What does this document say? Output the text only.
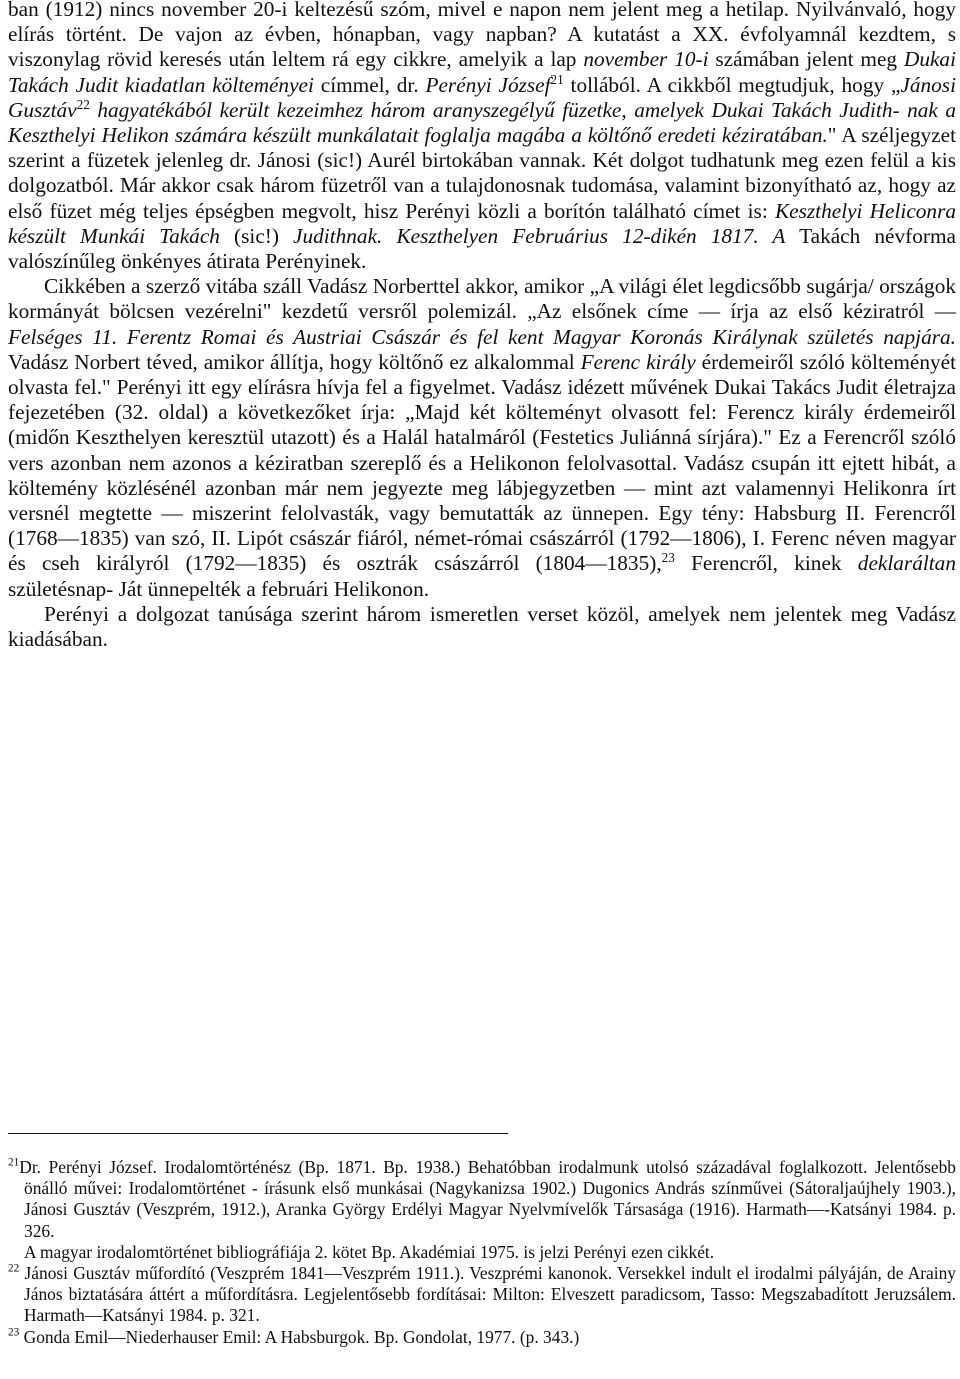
ban (1912) nincs november 20-i keltezésű szóm, mivel e napon nem jelent meg a hetilap. Nyilvánvaló, hogy elírás történt. De vajon az évben, hónapban, vagy napban? A kutatást a XX. évfolyamnál kezdtem, s viszonylag rövid keresés után leltem rá egy cikkre, amelyik a lap november 10-i számában jelent meg Dukai Takách Judit kiadatlan költeményei címmel, dr. Perényi József$^{21}$ tollából. A cikkből megtudjuk, hogy „Jánosi Gusztáv$^{22}$ hagyatékából került kezeimhez három aranyszegélyű füzetke, amelyek Dukai Takách Judith- nak a Keszthelyi Helikon számára készült munkálatait foglalja magába a költőnő eredeti kéziratában." A széljegyzet szerint a füzetek jelenleg dr. Jánosi (sic!) Aurél birtokában vannak. Két dolgot tudhatunk meg ezen felül a kis dolgozatból. Már akkor csak három füzetről van a tulajdonosnak tudomása, valamint bizonyítható az, hogy az első füzet még teljes épségben megvolt, hisz Perényi közli a borítón található címet is: Keszthelyi Heliconra készült Munkái Takách (sic!) Judithnak. Keszthelyen Februárius 12-dikén 1817. A Takách névforma valószínűleg önkényes átirata Perényinek.

Cikkében a szerző vitába száll Vadász Norberttel akkor, amikor „A világi élet legdicsőbb sugárja/ országok kormányát bölcsen vezérelni" kezdetű versről polemizál. „Az elsőnek címe — írja az első kéziratról — Felséges 11. Ferentz Romai és Austriai Császár és fel kent Magyar Koronás Királynak születés napjára. Vadász Norbert téved, amikor állítja, hogy költőnő ez alkalommal Ferenc király érdemeiről szóló költeményét olvasta fel." Perényi itt egy elírásra hívja fel a figyelmet. Vadász idézett művének Dukai Takács Judit életrajza fejezetében (32. oldal) a következőket írja: „Majd két költeményt olvasott fel: Ferencz király érdemeiről (midőn Keszthelyen keresztül utazott) és a Halál hatalmáról (Festetics Juliánná sírjára)." Ez a Ferencről szóló vers azonban nem azonos a kéziratban szereplő és a Helikonon felolvasottal. Vadász csupán itt ejtett hibát, a költemény közlésénél azonban már nem jegyezte meg lábjegyzetben — mint azt valamennyi Helikonra írt versnél megtette — miszerint felolvasták, vagy bemutatták az ünnepen. Egy tény: Habsburg II. Ferencről (1768—1835) van szó, II. Lipót császár fiáról, német-római császárról (1792—1806), I. Ferenc néven magyar és cseh királyról (1792—1835) és osztrák császárról (1804—1835),$^{23}$ Ferencről, kinek deklaráltan születésnap- Ját ünnepelték a februári Helikonon.

Perényi a dolgozat tanúsága szerint három ismeretlen verset közöl, amelyek nem jelentek meg Vadász kiadásában.

$^{21}$Dr. Perényi József. Irodalomtörténész (Bp. 1871. Bp. 1938.) Behatóbban irodalmunk utolsó századával foglalkozott. Jelentősebb önálló művei: Irodalomtörténet - írásunk első munkásai (Nagykanizsa 1902.) Dugonics András színművei (Sátoraljaújhely 1903.), Jánosi Gusztáv (Veszprém, 1912.), Aranka György Erdélyi Magyar Nyelvmívelők Társasága (1916). Harmath—-Katsányi 1984. p. 326.

A magyar irodalomtörténet bibliográfiája 2. kötet Bp. Akadémiai 1975. is jelzi Perényi ezen cikkét.

$^{22}$ Jánosi Gusztáv műfordító (Veszprém 1841—Veszprém 1911.). Veszprémi kanonok. Versekkel indult el irodalmi pályáján, de Arainy János biztatására áttért a műfordításra. Legjelentősebb fordításai: Milton: Elveszett paradicsom, Tasso: Megszabadított Jeruzsálem. Harmath—Katsányi 1984. p. 321.

$^{23}$ Gonda Emil—Niederhauser Emil: A Habsburgok. Bp. Gondolat, 1977. (p. 343.)
